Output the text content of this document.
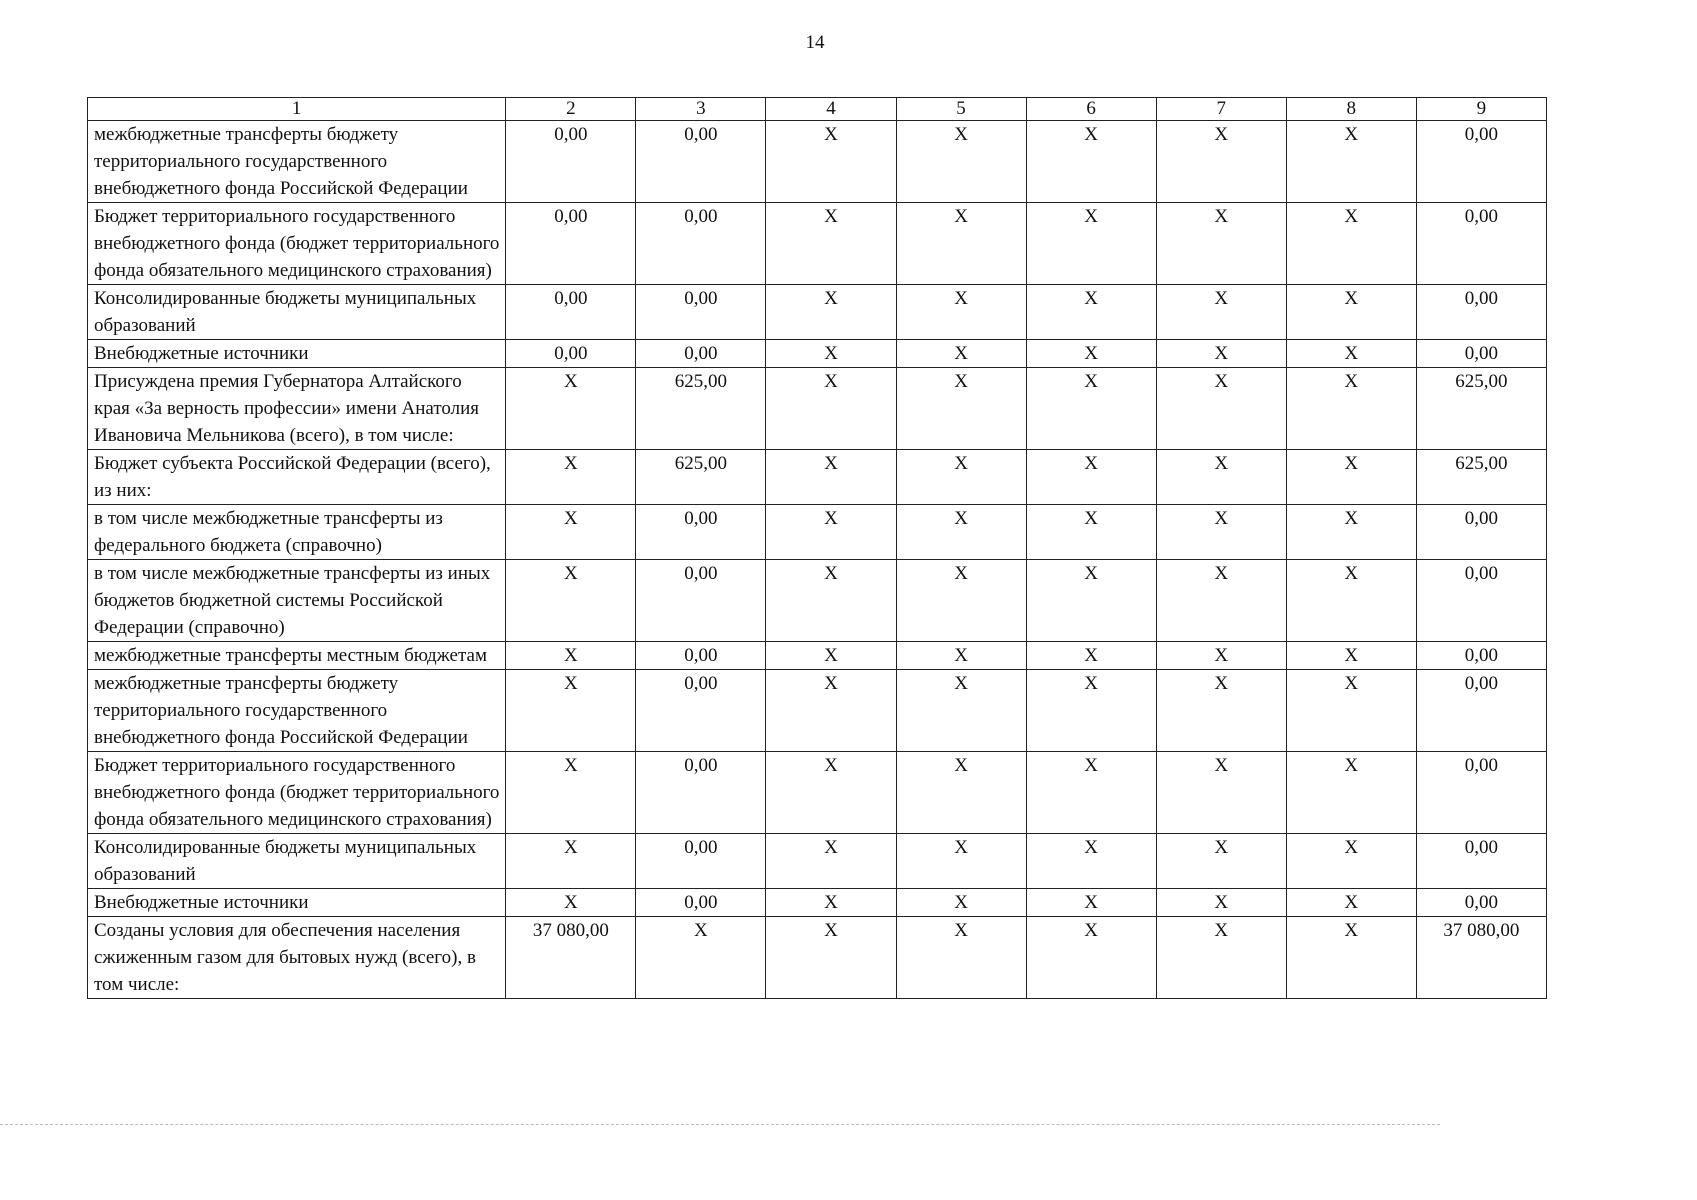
14
1	2	3	4	5	6	7	8	9
межбюджетные трансферты бюджету территориального государственного внебюджетного фонда Российской Федерации	0,00	0,00	X	X	X	X	X	0,00
Бюджет территориального государственного внебюджетного фонда (бюджет территориального фонда обязательного медицинского страхования)	0,00	0,00	X	X	X	X	X	0,00
Консолидированные бюджеты муниципальных образований	0,00	0,00	X	X	X	X	X	0,00
Внебюджетные источники	0,00	0,00	X	X	X	X	X	0,00
Присуждена премия Губернатора Алтайского края «За верность профессии» имени Анатолия Ивановича Мельникова (всего), в том числе:	X	625,00	X	X	X	X	X	625,00
Бюджет субъекта Российской Федерации (всего), из них:	X	625,00	X	X	X	X	X	625,00
в том числе межбюджетные трансферты из федерального бюджета (справочно)	X	0,00	X	X	X	X	X	0,00
в том числе межбюджетные трансферты из иных бюджетов бюджетной системы Российской Федерации (справочно)	X	0,00	X	X	X	X	X	0,00
межбюджетные трансферты местным бюджетам	X	0,00	X	X	X	X	X	0,00
межбюджетные трансферты бюджету территориального государственного внебюджетного фонда Российской Федерации	X	0,00	X	X	X	X	X	0,00
Бюджет территориального государственного внебюджетного фонда (бюджет территориального фонда обязательного медицинского страхования)	X	0,00	X	X	X	X	X	0,00
Консолидированные бюджеты муниципальных образований	X	0,00	X	X	X	X	X	0,00
Внебюджетные источники	X	0,00	X	X	X	X	X	0,00
Созданы условия для обеспечения населения сжиженным газом для бытовых нужд (всего), в том числе:	37 080,00	X	X	X	X	X	X	37 080,00
